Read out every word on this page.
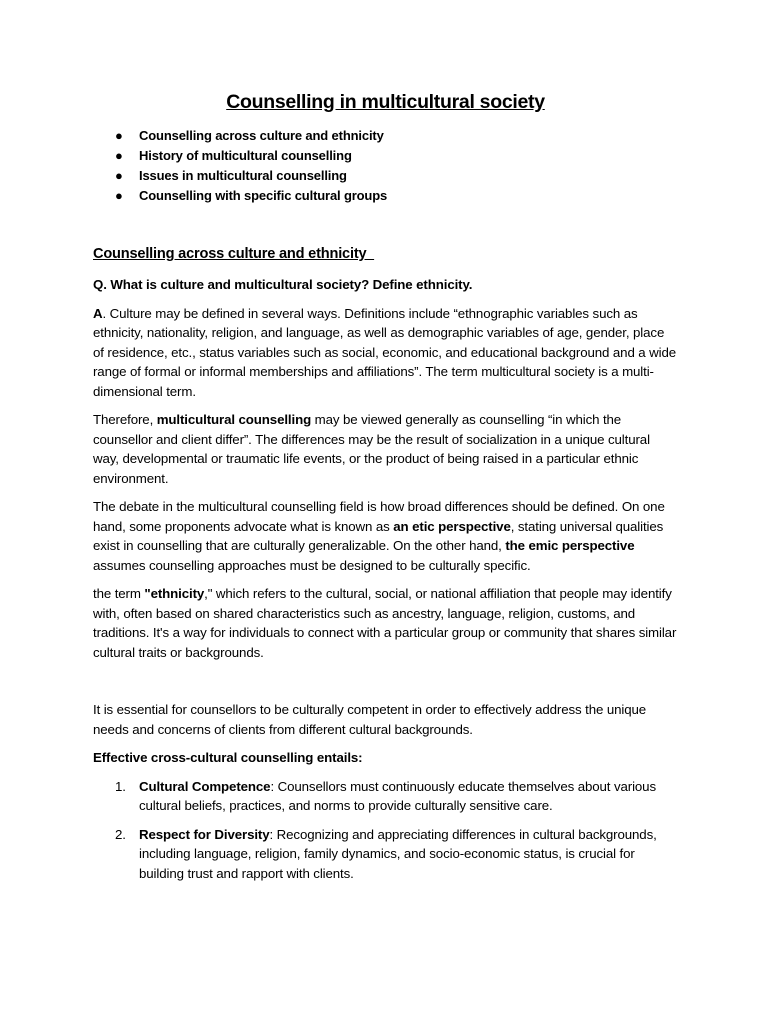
Counselling in multicultural society
● Counselling across culture and ethnicity
● History of multicultural counselling
● Issues in multicultural counselling
● Counselling with specific cultural groups
Counselling across culture and ethnicity

Q. What is culture and multicultural society? Define ethnicity.

A. Culture may be defined in several ways. Definitions include “ethnographic variables such as ethnicity, nationality, religion, and language, as well as demographic variables of age, gender, place of residence, etc., status variables such as social, economic, and educational background and a wide range of formal or informal memberships and affiliations”. The term multicultural society is a multi-dimensional term.

Therefore, multicultural counselling may be viewed generally as counselling “in which the counsellor and client differ”. The differences may be the result of socialization in a unique cultural way, developmental or traumatic life events, or the product of being raised in a particular ethnic environment.

The debate in the multicultural counselling field is how broad differences should be defined. On one hand, some proponents advocate what is known as an etic perspective, stating universal qualities exist in counselling that are culturally generalizable. On the other hand, the emic perspective assumes counselling approaches must be designed to be culturally specific.

the term "ethnicity," which refers to the cultural, social, or national affiliation that people may identify with, often based on shared characteristics such as ancestry, language, religion, customs, and traditions. It's a way for individuals to connect with a particular group or community that shares similar cultural traits or backgrounds.

It is essential for counsellors to be culturally competent in order to effectively address the unique needs and concerns of clients from different cultural backgrounds.

Effective cross-cultural counselling entails:

1. Cultural Competence: Counsellors must continuously educate themselves about various cultural beliefs, practices, and norms to provide culturally sensitive care.
2. Respect for Diversity: Recognizing and appreciating differences in cultural backgrounds, including language, religion, family dynamics, and socio-economic status, is crucial for building trust and rapport with clients.
